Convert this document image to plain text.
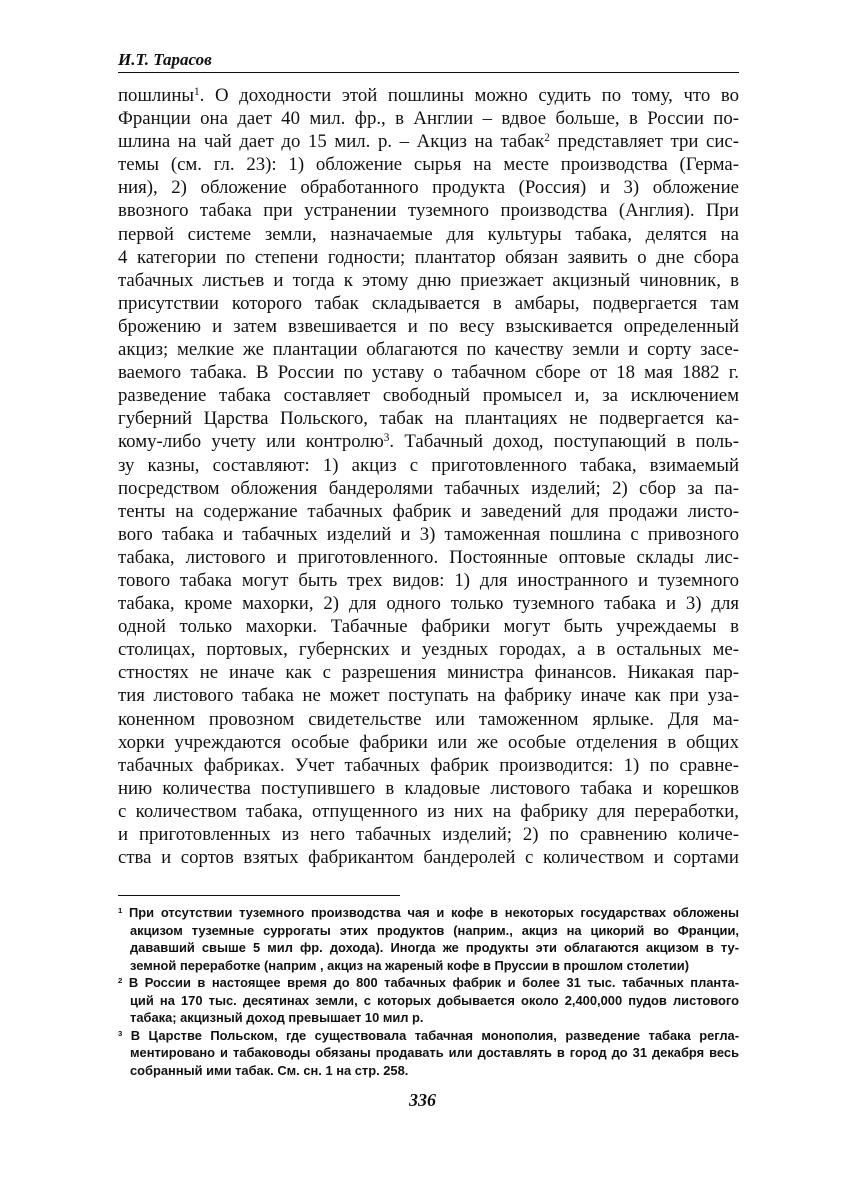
И.Т. Тарасов
пошлины$^1$. О доходности этой пошлины можно судить по тому, что во
Франции она дает 40 мил. фр., в Англии – вдвое больше, в России по-
шлина на чай дает до 15 мил. р. – Акциз на табак$^2$ представляет три сис-
темы (см. гл. 23): 1) обложение сырья на месте производства (Герма-
ния), 2) обложение обработанного продукта (Россия) и 3) обложение
ввозного табака при устранении туземного производства (Англия). При
первой системе земли, назначаемые для культуры табака, делятся на
4 категории по степени годности; плантатор обязан заявить о дне сбора
табачных листьев и тогда к этому дню приезжает акцизный чиновник, в
присутствии которого табак складывается в амбары, подвергается там
брожению и затем взвешивается и по весу взыскивается определенный
акциз; мелкие же плантации облагаются по качеству земли и сорту засе-
ваемого табака. В России по уставу о табачном сборе от 18 мая 1882 г.
разведение табака составляет свободный промысел и, за исключением
губерний Царства Польского, табак на плантациях не подвергается ка-
кому-либо учету или контролю$^3$. Табачный доход, поступающий в поль-
зу казны, составляют: 1) акциз с приготовленного табака, взимаемый
посредством обложения бандеролями табачных изделий; 2) сбор за па-
тенты на содержание табачных фабрик и заведений для продажи листо-
вого табака и табачных изделий и 3) таможенная пошлина с привозного
табака, листового и приготовленного. Постоянные оптовые склады лис-
тового табака могут быть трех видов: 1) для иностранного и туземного
табака, кроме махорки, 2) для одного только туземного табака и 3) для
одной только махорки. Табачные фабрики могут быть учреждаемы в
столицах, портовых, губернских и уездных городах, а в остальных ме-
стностях не иначе как с разрешения министра финансов. Никакая пар-
тия листового табака не может поступать на фабрику иначе как при уза-
коненном провозном свидетельстве или таможенном ярлыке. Для ма-
хорки учреждаются особые фабрики или же особые отделения в общих
табачных фабриках. Учет табачных фабрик производится: 1) по сравне-
нию количества поступившего в кладовые листового табака и корешков
с количеством табака, отпущенного из них на фабрику для переработки,
и приготовленных из него табачных изделий; 2) по сравнению количе-
ства и сортов взятых фабрикантом бандеролей с количеством и сортами
$^1$ При отсутствии туземного производства чая и кофе в некоторых государствах обложены
акцизом туземные суррогаты этих продуктов (наприм., акциз на цикорий во Франции,
дававший свыше 5 мил фр. дохода). Иногда же продукты эти облагаются акцизом в ту-
земной переработке (наприм , акциз на жареный кофе в Пруссии в прошлом столетии)
$^2$ В России в настоящее время до 800 табачных фабрик и более 31 тыс. табачных планта-
ций на 170 тыс. десятинах земли, с которых добывается около 2,400,000 пудов листового
табака; акцизный доход превышает 10 мил р.
$^3$ В Царстве Польском, где существовала табачная монополия, разведение табака регла-
ментировано и табаководы обязаны продавать или доставлять в город до 31 декабря весь
собранный ими табак. См. сн. 1 на стр. 258.
336
